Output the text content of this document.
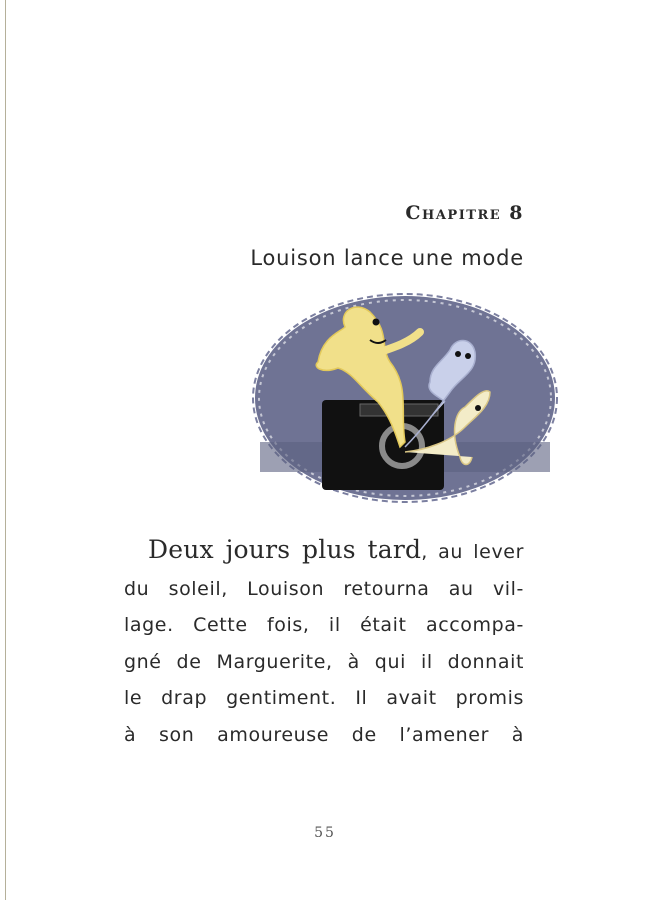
Chapitre 8
Louison lance une mode
Deux jours plus tard, au lever
du soleil, Louison retourna au vil-
lage. Cette fois, il était accompa-
gné de Marguerite, à qui il donnait
le drap gentiment. Il avait promis
à son amoureuse de l’amener à
55
